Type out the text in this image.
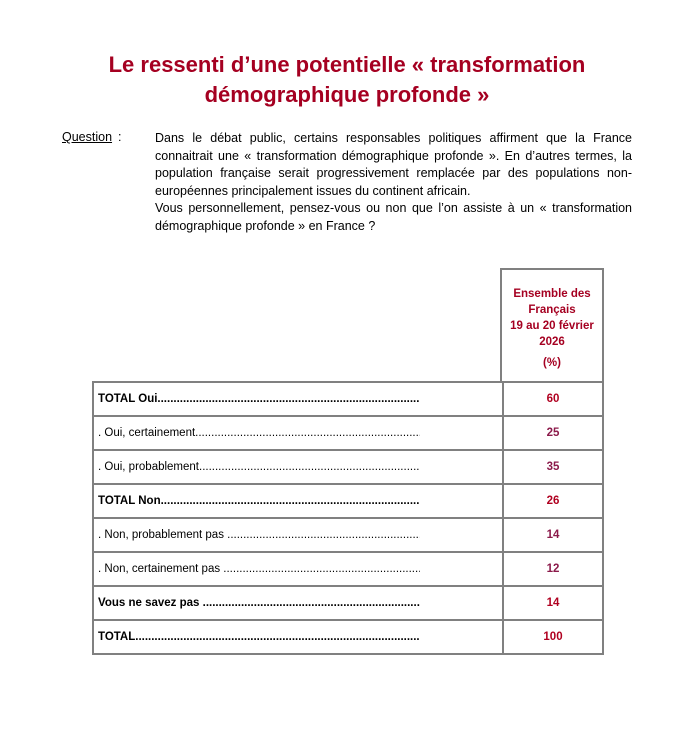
Le ressenti d’une potentielle « transformation
démographique profonde »
Question :	Dans le débat public, certains responsables politiques affirment que la France connaitrait une « transformation démographique profonde ». En d’autres termes, la population française serait progressivement remplacée par des populations non-européennes principalement issues du continent africain.

Vous personnellement, pensez-vous ou non que l’on assiste à un « transformation démographique profonde » en France ?

Ensemble des
Français
19 au 20 février
2026
(%)
TOTAL Oui
.....	60

. Oui, certainement
.....	25

. Oui, probablement
.....	35

TOTAL Non
.....	26

. Non, probablement pas
.....	14

. Non, certainement pas
.....	12

Vous ne savez pas
.....	14

TOTAL
.....	100
